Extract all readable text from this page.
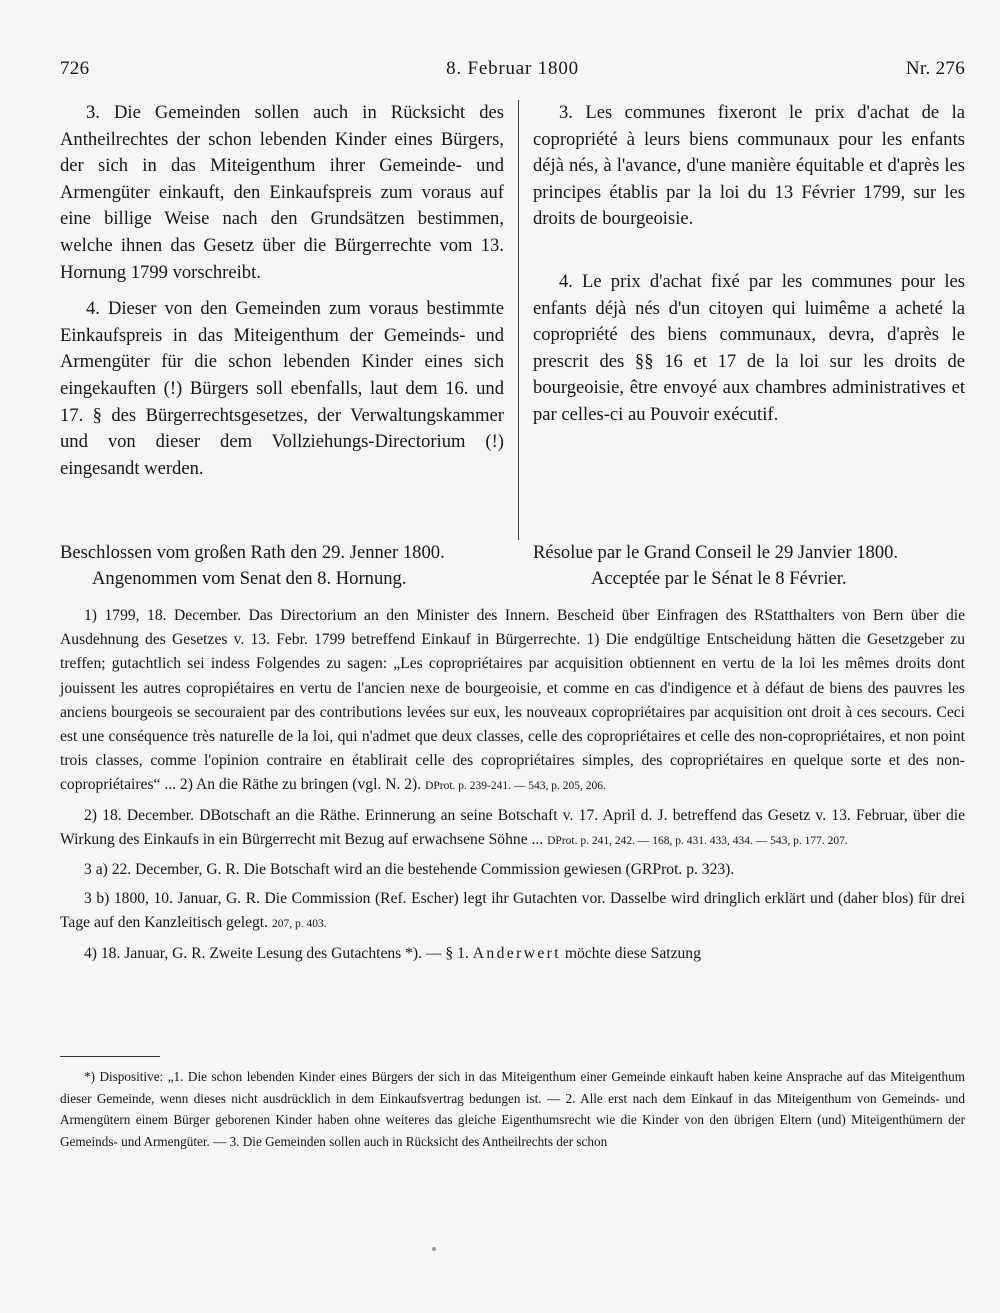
726	8. Februar 1800	Nr. 276

3. Die Gemeinden sollen auch in Rücksicht des Antheilrechtes der schon lebenden Kinder eines Bürgers, der sich in das Miteigenthum ihrer Gemeinde- und Armengüter einkauft, den Einkaufspreis zum voraus auf eine billige Weise nach den Grundsätzen bestimmen, welche ihnen das Gesetz über die Bürgerrechte vom 13. Hornung 1799 vorschreibt.

4. Dieser von den Gemeinden zum voraus bestimmte Einkaufspreis in das Miteigenthum der Gemeinds- und Armengüter für die schon lebenden Kinder eines sich eingekauften (!) Bürgers soll ebenfalls, laut dem 16. und 17. § des Bürgerrechtsgesetzes, der Verwaltungskammer und von dieser dem Vollziehungs-Directorium (!) eingesandt werden.

3. Les communes fixeront le prix d'achat de la copropriété à leurs biens communaux pour les enfants déjà nés, à l'avance, d'une manière équitable et d'après les principes établis par la loi du 13 Février 1799, sur les droits de bourgeoisie.

4. Le prix d'achat fixé par les communes pour les enfants déjà nés d'un citoyen qui luimême a acheté la copropriété des biens communaux, devra, d'après le prescrit des §§ 16 et 17 de la loi sur les droits de bourgeoisie, être envoyé aux chambres administratives et par celles-ci au Pouvoir exécutif.

Beschlossen vom großen Rath den 29. Jenner 1800.
Angenommen vom Senat den 8. Hornung.
Résolue par le Grand Conseil le 29 Janvier 1800.
Acceptée par le Sénat le 8 Février.

1) 1799, 18. December. Das Directorium an den Minister des Innern. Bescheid über Einfragen des RStatthalters von Bern über die Ausdehnung des Gesetzes v. 13. Febr. 1799 betreffend Einkauf in Bürgerrechte. 1) Die endgültige Entscheidung hätten die Gesetzgeber zu treffen; gutachtlich sei indess Folgendes zu sagen: „Les copropriétaires par acquisition obtiennent en vertu de la loi les mêmes droits dont jouissent les autres copropiétaires en vertu de l'ancien nexe de bourgeoisie, et comme en cas d'indigence et à défaut de biens des pauvres les anciens bourgeois se secouraient par des contributions levées sur eux, les nouveaux copropriétaires par acquisition ont droit à ces secours. Ceci est une conséquence très naturelle de la loi, qui n'admet que deux classes, celle des copropriétaires et celle des non-copropriétaires, et non point trois classes, comme l'opinion contraire en établirait celle des copropriétaires simples, des copropriétaires en quelque sorte et des non-copropriétaires“ ... 2) An die Räthe zu bringen (vgl. N. 2). DProt. p. 239-241. — 543, p. 205, 206.

2) 18. December. DBotschaft an die Räthe. Erinnerung an seine Botschaft v. 17. April d. J. betreffend das Gesetz v. 13. Februar, über die Wirkung des Einkaufs in ein Bürgerrecht mit Bezug auf erwachsene Söhne ... DProt. p. 241, 242. — 168, p. 431. 433, 434. — 543, p. 177. 207.

3 a) 22. December, G. R. Die Botschaft wird an die bestehende Commission gewiesen (GRProt. p. 323).

3 b) 1800, 10. Januar, G. R. Die Commission (Ref. Escher) legt ihr Gutachten vor. Dasselbe wird dringlich erklärt und (daher blos) für drei Tage auf den Kanzleitisch gelegt. 207, p. 403.

4) 18. Januar, G. R. Zweite Lesung des Gutachtens *). — § 1. Anderwert möchte diese Satzung

*) Dispositive: „1. Die schon lebenden Kinder eines Bürgers der sich in das Miteigenthum einer Gemeinde einkauft haben keine Ansprache auf das Miteigenthum dieser Gemeinde, wenn dieses nicht ausdrücklich in dem Einkaufsvertrag bedungen ist. — 2. Alle erst nach dem Einkauf in das Miteigenthum von Gemeinds- und Armengütern einem Bürger geborenen Kinder haben ohne weiteres das gleiche Eigenthumsrecht wie die Kinder von den übrigen Eltern (und) Miteigenthümern der Gemeinds- und Armengüter. — 3. Die Gemeinden sollen auch in Rücksicht des Antheilrechts der schon
